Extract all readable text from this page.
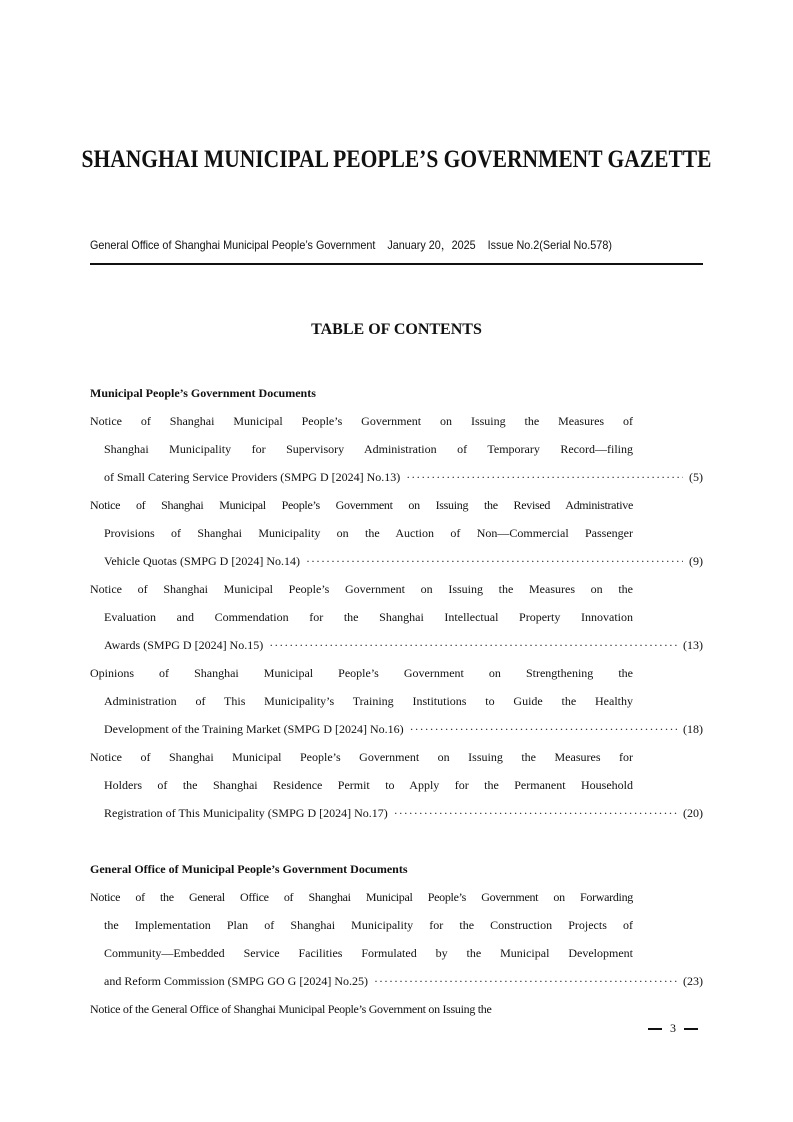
SHANGHAI MUNICIPAL PEOPLE’S GOVERNMENT GAZETTE
General Office of Shanghai Municipal People’s Government January 20，2025 Issue No.2(Serial No.578)
TABLE OF CONTENTS
Municipal People’s Government Documents
Notice of Shanghai Municipal People’s Government on Issuing the Measures of
Shanghai Municipality for Supervisory Administration of Temporary Record—filing
of Small Catering Service Providers (SMPG D [2024] No.13) ·····	(5)
Notice of Shanghai Municipal People’s Government on Issuing the Revised Administrative
Provisions of Shanghai Municipality on the Auction of Non—Commercial Passenger
Vehicle Quotas (SMPG D [2024] No.14) ·····	(9)
Notice of Shanghai Municipal People’s Government on Issuing the Measures on the
Evaluation and Commendation for the Shanghai Intellectual Property Innovation
Awards (SMPG D [2024] No.15) ·····	(13)
Opinions of Shanghai Municipal People’s Government on Strengthening the
Administration of This Municipality’s Training Institutions to Guide the Healthy
Development of the Training Market (SMPG D [2024] No.16) ·····	(18)
Notice of Shanghai Municipal People’s Government on Issuing the Measures for
Holders of the Shanghai Residence Permit to Apply for the Permanent Household
Registration of This Municipality (SMPG D [2024] No.17) ·····	(20)
General Office of Municipal People’s Government Documents
Notice of the General Office of Shanghai Municipal People’s Government on Forwarding
the Implementation Plan of Shanghai Municipality for the Construction Projects of
Community—Embedded Service Facilities Formulated by the Municipal Development
and Reform Commission (SMPG GO G [2024] No.25) ·····	(23)
Notice of the General Office of Shanghai Municipal People’s Government on Issuing the
3
